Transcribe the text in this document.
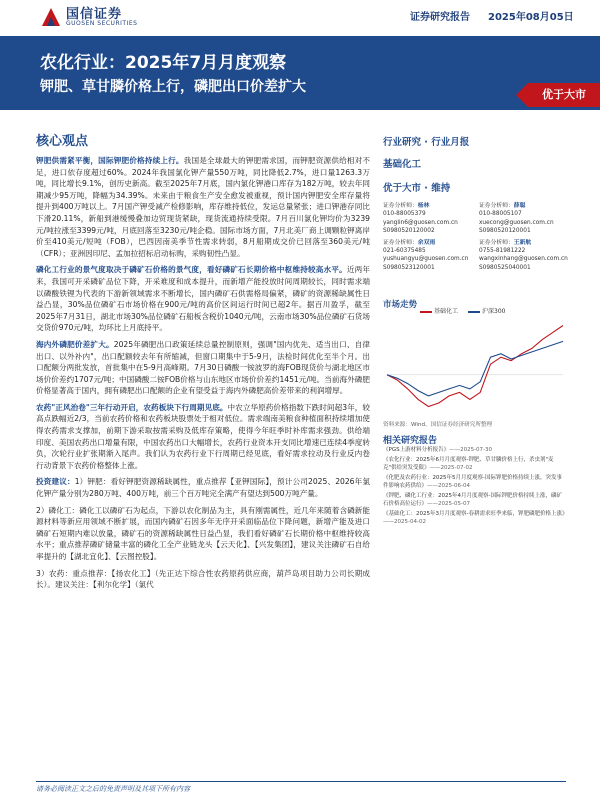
国信证券
GUOSEN SECURITIES
证券研究报告 2025年08月05日
农化行业：2025年7月月度观察
钾肥、草甘膦价格上行，磷肥出口价差扩大	优于大市
核心观点

钾肥供需紧平衡，国际钾肥价格持续上行。我国是全球最大的钾肥需求国，而钾肥资源供给相对不足，进口依存度超过60%。2024年我国氯化钾产量550万吨，同比降低2.7%，进口量1263.3万吨，同比增长9.1%，创历史新高。截至2025年7月底，国内氯化钾港口库存为182万吨，较去年同期减少95万吨，降幅为34.39%。未来由于粮食生产安全愈发被重视，预计国内钾肥安全库存量将提升到400万吨以上。7月国产钾受减产检修影响，库存维持低位，发运总量紧张；进口钾港存同比下滑20.11%，新船到港缓慢叠加边贸现货紧缺，现货流通持续受限。7月百川氯化钾均价为3239元/吨拉涨至3399元/吨，月底回落至3230元/吨企稳。国际市场方面，7月北美厂商上调颗粒钾离岸价至410美元/短吨（FOB），巴西因南美季节性需求转弱，8月船期成交价已回落至360美元/吨（CFR）；亚洲因印尼、孟加拉招标启动标购，采购韧性凸显。

磷化工行业的景气度取决于磷矿石价格的景气度，看好磷矿石长期价格中枢维持较高水平。近两年来，我国可开采磷矿品位下降，开采难度和成本提升，而新增产能投放时间周期较长，同时需求端以磷酸铁锂为代表的下游新领域需求不断增长，国内磷矿石供需格局偏紧，磷矿的资源稀缺属性日益凸显，30%品位磷矿石市场价格在900元/吨的高价区间运行时间已超2年。据百川盈孚，截至2025年7月31日，湖北市场30%品位磷矿石船板含税价1040元/吨，云南市场30%品位磷矿石货场交货价970元/吨，均环比上月底持平。

海内外磷肥价差扩大。2025年磷肥出口政策延续总量控制原则，强调"国内优先、适当出口、自律出口、以外补内"，出口配额较去年有所缩减，但窗口期集中于5-9月，法检时间优化至半个月。出口配额分两批发放，首批集中在5-9月高峰期。7月30日磷酸一铵波罗的海FOB现货价与湖北地区市场价价差约1707元/吨；中国磷酸二铵FOB价格与山东地区市场价价差约1451元/吨。当前海外磷肥价格显著高于国内，拥有磷肥出口配额的企业有望受益于海内外磷肥高价差带来的利润增厚。

农药"正风治卷"三年行动开启，农药板块下行周期见底。中农立华原药价格指数下跌时间超3年，较高点跌幅近2/3，当前农药价格和农药板块股票处于相对低位。需求端南美粮食种植面积持续增加使得农药需求支撑加，前期下游采取按需采购及低库存策略，使得今年旺季时补库需求强劲。供给端印度、美国农药出口增量有限，中国农药出口大幅增长，农药行业资本开支同比增速已连续4季度转负，次轮行业扩张期渐入尾声。我们认为农药行业下行周期已经见底，看好需求拉动及行业反内卷行动背景下农药价格整体上涨。

投资建议：1）钾肥：看好钾肥资源稀缺属性，重点推荐【亚钾国际】，预计公司2025、2026年氯化钾产量分别为280万吨、400万吨，前三个百万吨完全满产有望达到500万吨产量。

2）磷化工：磷化工以磷矿石为起点，下游以农化制品为主，具有刚需属性，近几年来随着含磷新能源材料等新应用领域不断扩展，而国内磷矿石因多年无序开采面临品位下降问题，新增产能及进口磷矿石短期内难以放量，磷矿石的资源稀缺属性日益凸显，我们看好磷矿石长期价格中枢维持较高水平；重点推荐磷矿储量丰富的磷化工全产业链龙头【云天化】、【兴发集团】，建议关注磷矿石自给率提升的【湖北宜化】、【云图控股】。

3）农药：重点推荐：【扬农化工】（先正达下综合性农药原药供应商，葫芦岛项目助力公司长期成长）。建议关注：【利尔化学】（氯代

行业研究 · 行业月报
基础化工
优于大市 · 维持
证券分析师：杨林
010-88005379
yanglin6@guosen.com.cn
S0980520120002
证券分析师：薛聪
010-88005107
xuecong@guosen.com.cn
S0980520120001
证券分析师：余双雨
021-60375485
yushuangyu@guosen.com.cn
S0980523120001
证券分析师：王新航
0755-81981222
wangxinhang@guosen.com.cn
S0980525040001
市场走势
基础化工	沪深300
资料来源：Wind、国信证券经济研究所整理
相关研究报告
《PGS上游材料分析报告》——2025-07-30
《农化行业：2025年6月月度观察-钾肥、草甘膦价格上行，杀虫剂"麦克"供给突发受限》——2025-07-02
《化肥及农药行业：2025年5月月度观察-国际钾肥价格持续上涨，突发事件影响农药供给》——2025-06-04
《钾肥、磷化工行业：2025年4月月度观察-国际钾肥价格持续上涨，磷矿石价格高位运行》——2025-05-07
《基础化工：2025年3月月度观察-春耕需求旺季来临，钾肥磷肥价格上涨》——2025-04-02
请务必阅读正文之后的免责声明及其项下所有内容
